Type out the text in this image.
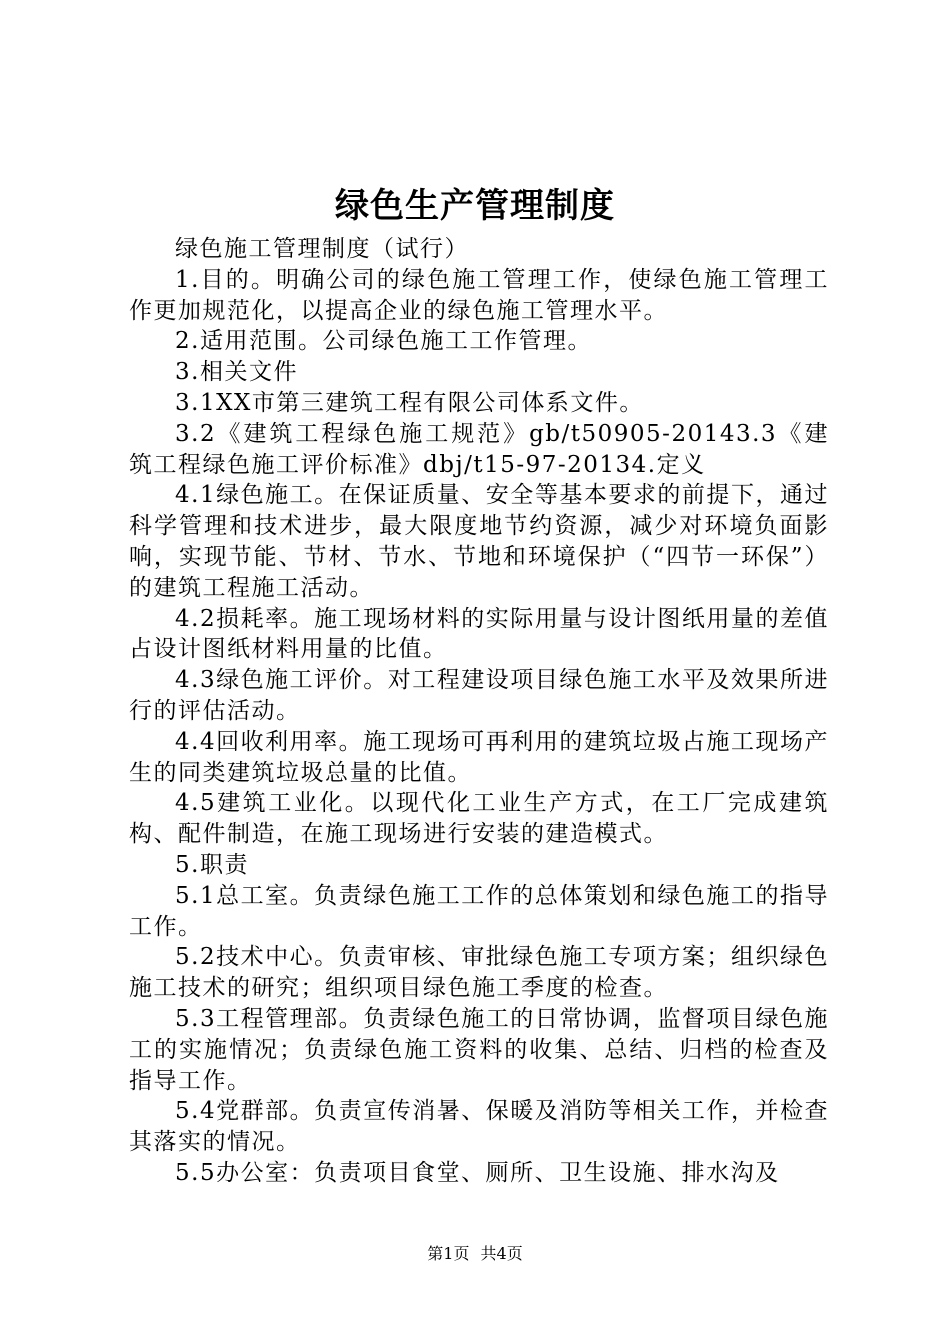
绿色生产管理制度

绿色施工管理制度（试行）

1.目的。明确公司的绿色施工管理工作，使绿色施工管理工作更加规范化，以提高企业的绿色施工管理水平。

2.适用范围。公司绿色施工工作管理。

3.相关文件

3.1XX市第三建筑工程有限公司体系文件。

3.2《建筑工程绿色施工规范》gb/t50905-20143.3《建筑工程绿色施工评价标准》dbj/t15-97-20134.定义

4.1绿色施工。在保证质量、安全等基本要求的前提下，通过科学管理和技术进步，最大限度地节约资源，减少对环境负面影响，实现节能、节材、节水、节地和环境保护（“四节一环保”）的建筑工程施工活动。

4.2损耗率。施工现场材料的实际用量与设计图纸用量的差值占设计图纸材料用量的比值。

4.3绿色施工评价。对工程建设项目绿色施工水平及效果所进行的评估活动。

4.4回收利用率。施工现场可再利用的建筑垃圾占施工现场产生的同类建筑垃圾总量的比值。

4.5建筑工业化。以现代化工业生产方式，在工厂完成建筑构、配件制造，在施工现场进行安装的建造模式。

5.职责

5.1总工室。负责绿色施工工作的总体策划和绿色施工的指导工作。

5.2技术中心。负责审核、审批绿色施工专项方案；组织绿色施工技术的研究；组织项目绿色施工季度的检查。

5.3工程管理部。负责绿色施工的日常协调，监督项目绿色施工的实施情况；负责绿色施工资料的收集、总结、归档的检查及指导工作。

5.4党群部。负责宣传消暑、保暖及消防等相关工作，并检查其落实的情况。

5.5办公室：负责项目食堂、厕所、卫生设施、排水沟及

第1页 共4页
